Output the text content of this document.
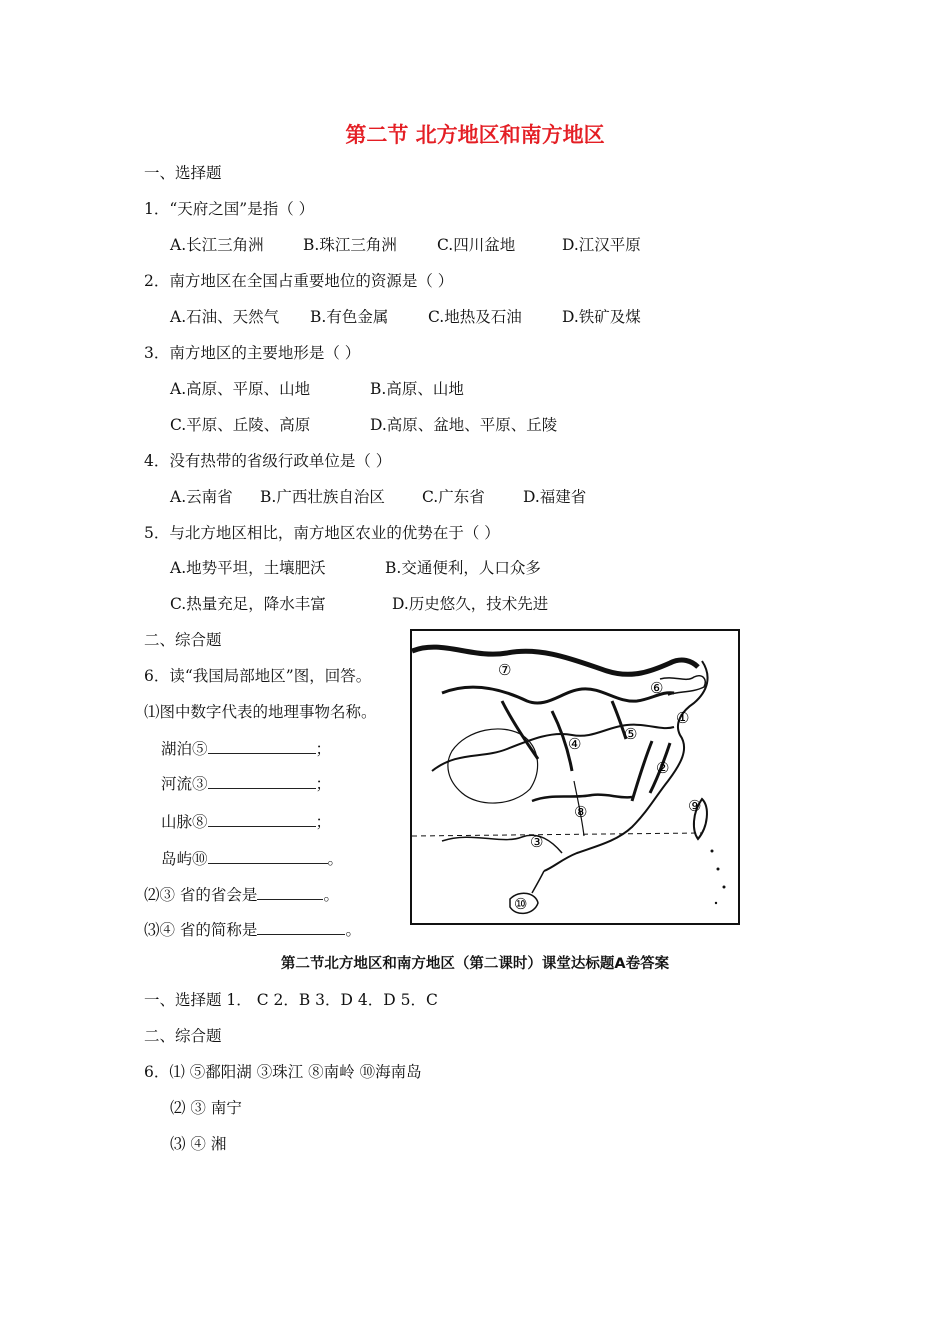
第二节 北方地区和南方地区
一、选择题
1．“天府之国”是指（ ）
A.长江三角洲	B.珠江三角洲	C.四川盆地	D.江汉平原
2．南方地区在全国占重要地位的资源是（ ）
A.石油、天然气 B.有色金属	C.地热及石油	D.铁矿及煤
3．南方地区的主要地形是（ ）
A.高原、平原、山地	B.高原、山地
C.平原、丘陵、高原	D.高原、盆地、平原、丘陵
4．没有热带的省级行政单位是（ ）
A.云南省 B.广西壮族自治区 C.广东省 D.福建省
5．与北方地区相比，南方地区农业的优势在于（ ）
A.地势平坦，土壤肥沃	B.交通便利，人口众多
C.热量充足，降水丰富	D.历史悠久，技术先进
二、综合题
6．读“我国局部地区”图，回答。
⑴图中数字代表的地理事物名称。
湖泊⑤	；
河流③	；
山脉⑧	；
岛屿⑩	。
⑵③ 省的省会是	。
⑶④ 省的简称是	。
①
②
③
④
⑤
⑥
⑦
⑧	⑨
⑩
第二节北方地区和南方地区（第二课时）课堂达标题A卷答案
一、选择题 1． C 2．B 3．D 4．D 5．C
二、综合题
6．⑴ ⑤鄱阳湖 ③珠江 ⑧南岭 ⑩海南岛
⑵ ③ 南宁
⑶ ④ 湘
